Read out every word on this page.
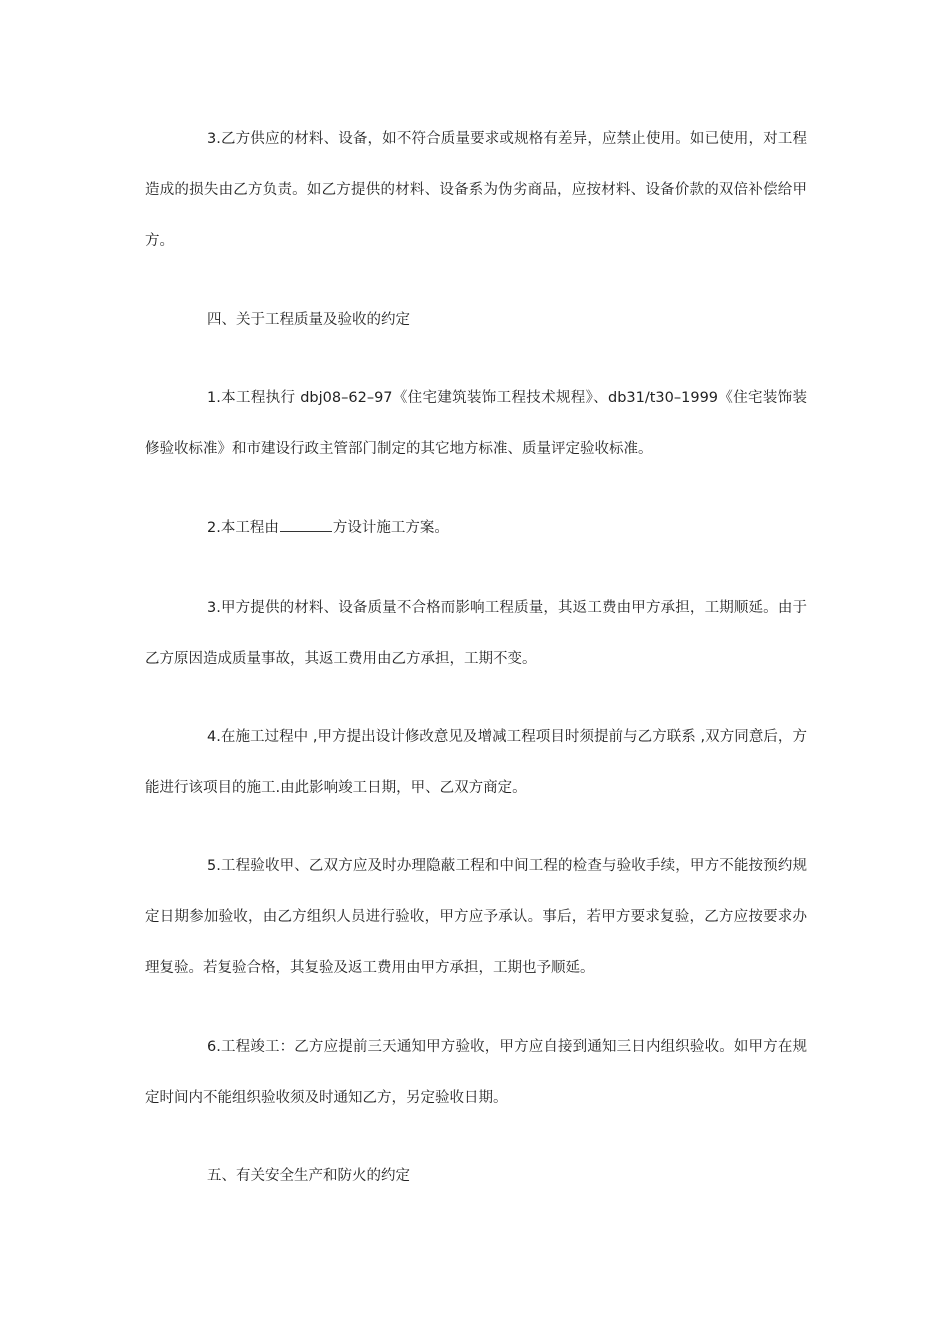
3.乙方供应的材料、设备，如不符合质量要求或规格有差异，应禁止使用。如已使用，对工程造成的损失由乙方负责。如乙方提供的材料、设备系为伪劣商品，应按材料、设备价款的双倍补偿给甲方。

四、关于工程质量及验收的约定

1.本工程执行 dbj08–62–97《住宅建筑装饰工程技术规程》、db31/t30–1999《住宅装饰装修验收标准》和市建设行政主管部门制定的其它地方标准、质量评定验收标准。

2.本工程由	方设计施工方案。

3.甲方提供的材料、设备质量不合格而影响工程质量，其返工费由甲方承担，工期顺延。由于乙方原因造成质量事故，其返工费用由乙方承担，工期不变。

4.在施工过程中 ,甲方提出设计修改意见及增减工程项目时须提前与乙方联系 ,双方同意后，方能进行该项目的施工.由此影响竣工日期，甲、乙双方商定。

5.工程验收甲、乙双方应及时办理隐蔽工程和中间工程的检查与验收手续，甲方不能按预约规定日期参加验收，由乙方组织人员进行验收，甲方应予承认。事后，若甲方要求复验，乙方应按要求办理复验。若复验合格，其复验及返工费用由甲方承担，工期也予顺延。

6.工程竣工：乙方应提前三天通知甲方验收，甲方应自接到通知三日内组织验收。如甲方在规定时间内不能组织验收须及时通知乙方，另定验收日期。

五、有关安全生产和防火的约定
